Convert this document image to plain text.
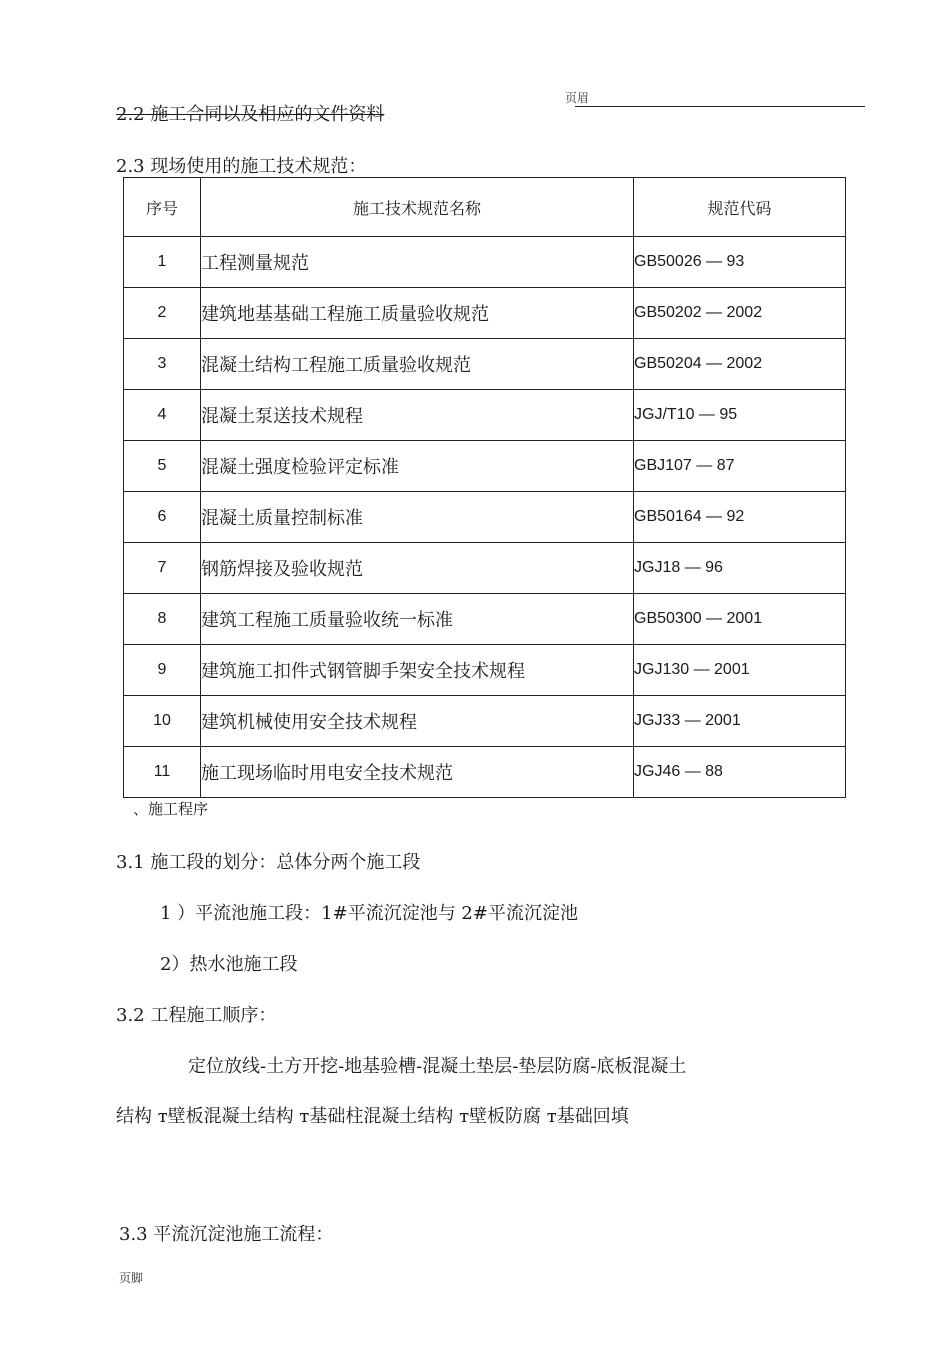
页眉
2.2 施工合同以及相应的文件资料
2.3 现场使用的施工技术规范：
序号	施工技术规范名称	规范代码
1	工程测量规范	GB50026 — 93
2	建筑地基基础工程施工质量验收规范	GB50202 — 2002
3	混凝土结构工程施工质量验收规范	GB50204 — 2002
4	混凝土泵送技术规程	JGJ/T10 — 95
5	混凝土强度检验评定标准	GBJ107 — 87
6	混凝土质量控制标准	GB50164 — 92
7	钢筋焊接及验收规范	JGJ18 — 96
8	建筑工程施工质量验收统一标准	GB50300 — 2001
9	建筑施工扣件式钢管脚手架安全技术规程	JGJ130 — 2001
10	建筑机械使用安全技术规程	JGJ33 — 2001
11	施工现场临时用电安全技术规范	JGJ46 — 88
、施工程序
3.1 施工段的划分：总体分两个施工段
1 ）平流池施工段：1#平流沉淀池与 2#平流沉淀池
2）热水池施工段
3.2 工程施工顺序：
定位放线-土方开挖-地基验槽-混凝土垫层-垫层防腐-底板混凝土
结构 т壁板混凝土结构 т基础柱混凝土结构 т壁板防腐 т基础回填
3.3 平流沉淀池施工流程：
页脚
